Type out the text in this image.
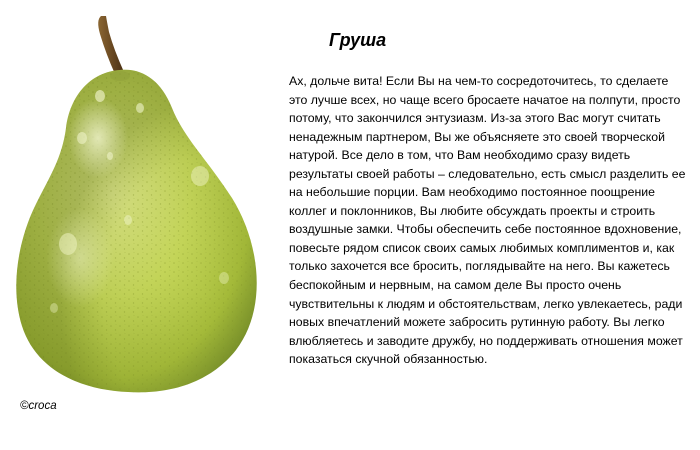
Груша

Ах, дольче вита! Если Вы на чем-то сосредоточитесь, то сделаете это лучше всех, но чаще всего бросаете начатое на полпути, просто потому, что закончился энтузиазм. Из-за этого Вас могут считать ненадежным партнером, Вы же объясняете это своей творческой натурой. Все дело в том, что Вам необходимо сразу видеть результаты своей работы – следовательно, есть смысл разделить ее на небольшие порции. Вам необходимо постоянное поощрение коллег и поклонников, Вы любите обсуждать проекты и строить воздушные замки. Чтобы обеспечить себе постоянное вдохновение, повесьте рядом список своих самых любимых комплиментов и, как только захочется все бросить, поглядывайте на него. Вы кажетесь беспокойным и нервным, на самом деле Вы просто очень чувствительны к людям и обстоятельствам, легко увлекаетесь, ради новых впечатлений можете забросить рутинную работу. Вы легко влюбляетесь и заводите дружбу, но поддерживать отношения может показаться скучной обязанностью.

©croca
